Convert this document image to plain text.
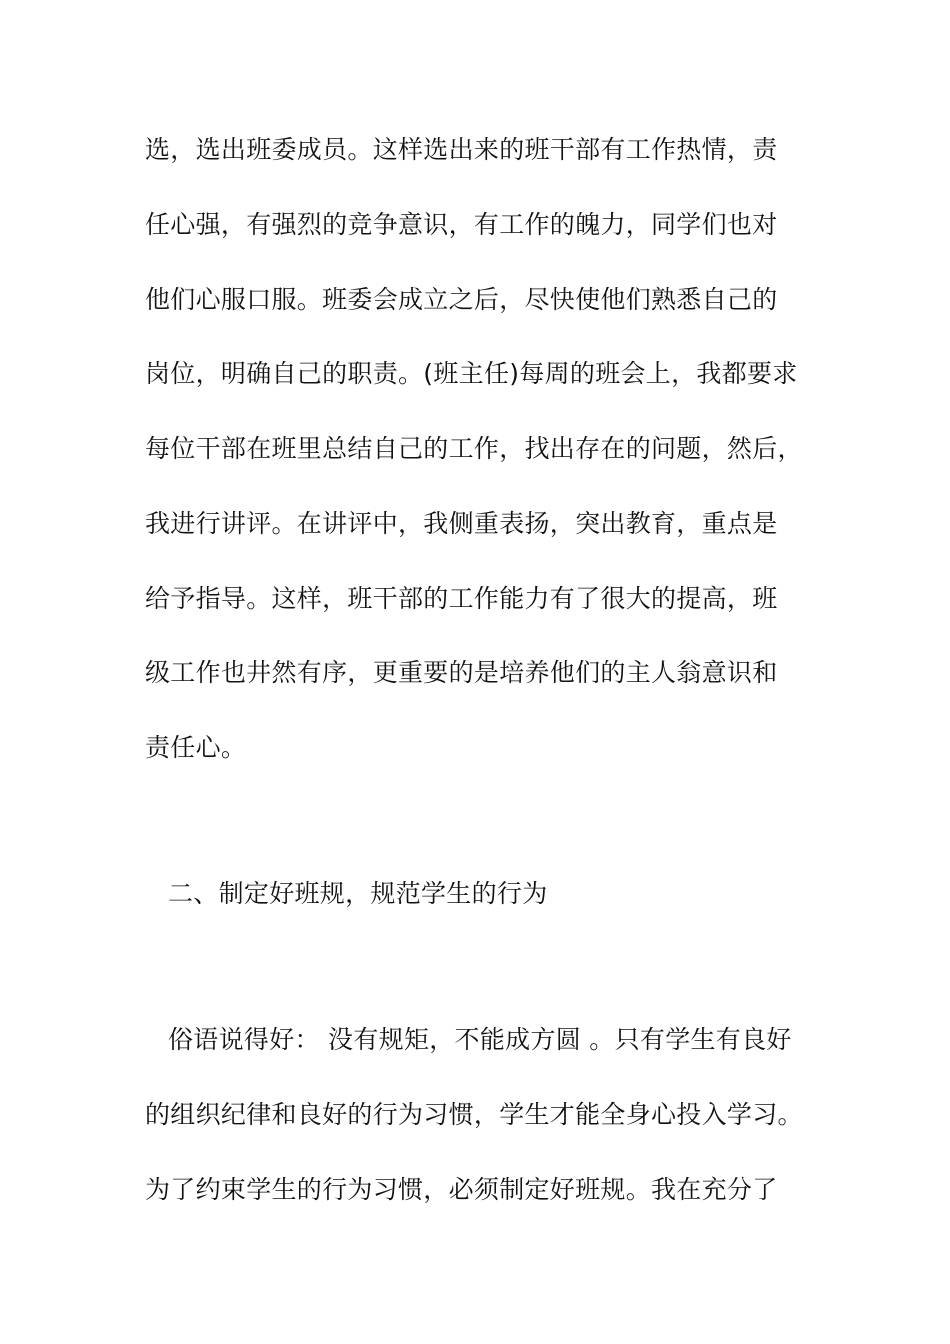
选，选出班委成员。这样选出来的班干部有工作热情，责
任心强，有强烈的竞争意识，有工作的魄力，同学们也对
他们心服口服。班委会成立之后，尽快使他们熟悉自己的
岗位，明确自己的职责。(班主任)每周的班会上，我都要求
每位干部在班里总结自己的工作，找出存在的问题，然后，
我进行讲评。在讲评中，我侧重表扬，突出教育，重点是
给予指导。这样，班干部的工作能力有了很大的提高，班
级工作也井然有序，更重要的是培养他们的主人翁意识和
责任心。
二、制定好班规，规范学生的行为
俗语说得好： 没有规矩，不能成方圆 。只有学生有良好
的组织纪律和良好的行为习惯，学生才能全身心投入学习。
为了约束学生的行为习惯，必须制定好班规。我在充分了
